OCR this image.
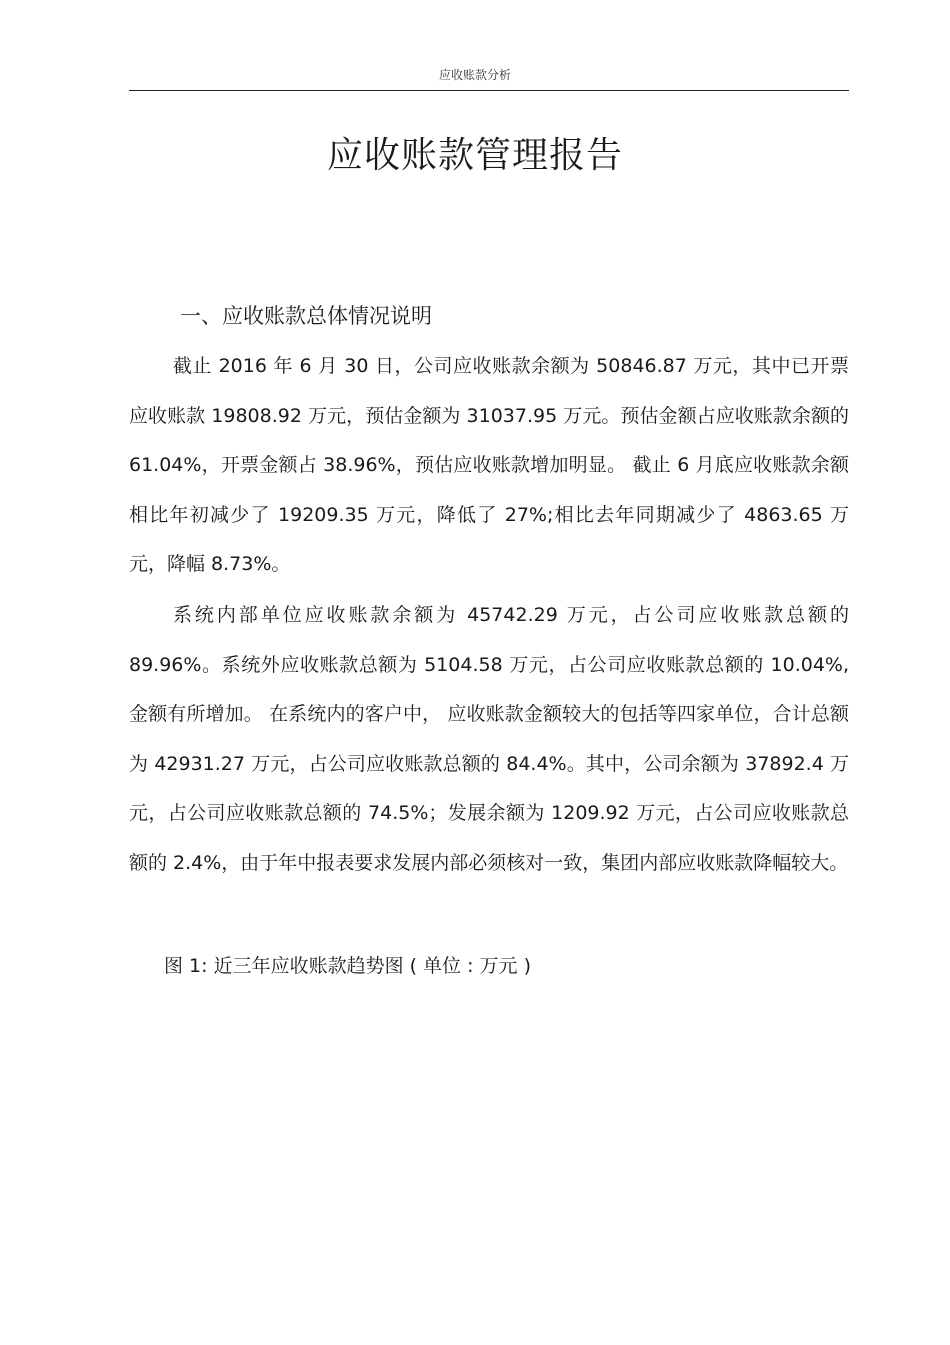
应收账款分析
应收账款管理报告
一、应收账款总体情况说明

截止 2016 年 6 月 30 日，公司应收账款余额为 50846.87 万元，其中已开票应收账款 19808.92 万元，预估金额为 31037.95 万元。预估金额占应收账款余额的 61.04%，开票金额占 38.96%，预估应收账款增加明显。 截止 6 月底应收账款余额相比年初减少了 19209.35 万元，降低了 27%;相比去年同期减少了 4863.65 万元，降幅 8.73%。

系统内部单位应收账款余额为 45742.29 万元，占公司应收账款总额的 89.96%。系统外应收账款总额为 5104.58 万元，占公司应收账款总额的 10.04%,金额有所增加。 在系统内的客户中， 应收账款金额较大的包括等四家单位，合计总额为 42931.27 万元，占公司应收账款总额的 84.4%。其中，公司余额为 37892.4 万元，占公司应收账款总额的 74.5%；发展余额为 1209.92 万元，占公司应收账款总额的 2.4%，由于年中报表要求发展内部必须核对一致，集团内部应收账款降幅较大。

图 1: 近三年应收账款趋势图 ( 单位 : 万元 )
